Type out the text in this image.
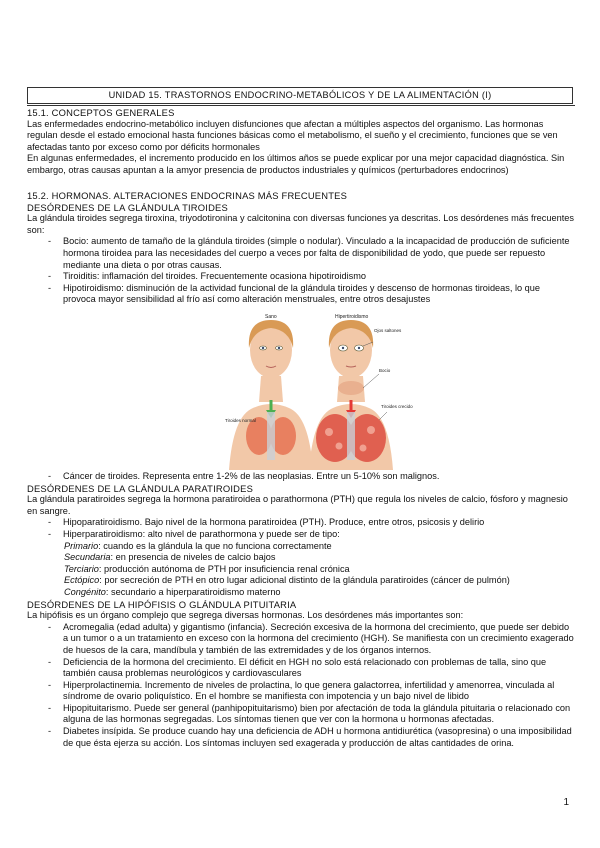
UNIDAD 15. TRASTORNOS ENDOCRINO-METABÓLICOS Y DE LA ALIMENTACIÓN (I)
15.1. CONCEPTOS GENERALES

Las enfermedades endocrino-metabólico incluyen disfunciones que afectan a múltiples aspectos del organismo. Las hormonas regulan desde el estado emocional hasta funciones básicas como el metabolismo, el sueño y el crecimiento, funciones que se ven afectadas tanto por exceso como por déficits hormonales

En algunas enfermedades, el incremento producido en los últimos años se puede explicar por una mejor capacidad diagnóstica. Sin embargo, otras causas apuntan a la amyor presencia de productos industriales y químicos (perturbadores endocrinos)

15.2. HORMONAS. ALTERACIONES ENDOCRINAS MÁS FRECUENTES
DESÓRDENES DE LA GLÁNDULA TIROIDES

La glándula tiroides segrega tiroxina, triyodotironina y calcitonina con diversas funciones ya descritas. Los desórdenes más frecuentes son:

- Bocio: aumento de tamaño de la glándula tiroides (simple o nodular). Vinculado a la incapacidad de producción de suficiente hormona tiroidea para las necesidades del cuerpo a veces por falta de disponibilidad de yodo, que puede ser repuesto mediante una dieta o por otras causas.
- Tiroiditis: inflamación del tiroides. Frecuentemente ocasiona hipotiroidismo
- Hipotiroidismo: disminución de la actividad funcional de la glándula tiroides y descenso de hormonas tiroideas, lo que provoca mayor sensibilidad al frío así como alteración menstruales, entre otros desajustes
Sano
Tiroides normal
Hipertiroidismo
Ojos saltones
Bocio
Tiroides crecido
- Cáncer de tiroides. Representa entre 1-2% de las neoplasias. Entre un 5-10% son malignos.
DESÓRDENES DE LA GLÁNDULA PARATIROIDES

La glándula paratiroides segrega la hormona paratiroidea o parathormona (PTH) que regula los niveles de calcio, fósforo y magnesio en sangre.

- Hipoparatiroidismo. Bajo nivel de la hormona paratiroidea (PTH). Produce, entre otros, psicosis y delirio
- Hiperparatiroidismo: alto nivel de parathormona y puede ser de tipo:
Primario: cuando es la glándula la que no funciona correctamente
Secundaria: en presencia de niveles de calcio bajos
Terciario: producción autónoma de PTH por insuficiencia renal crónica
Ectópico: por secreción de PTH en otro lugar adicional distinto de la glándula paratiroides (cáncer de pulmón)
Congénito: secundario a hiperparatiroidismo materno
DESÓRDENES DE LA HIPÓFISIS O GLÁNDULA PITUITARIA

La hipófisis es un órgano complejo que segrega diversas hormonas. Los desórdenes más importantes son:

- Acromegalia (edad adulta) y gigantismo (infancia). Secreción excesiva de la hormona del crecimiento, que puede ser debido a un tumor o a un tratamiento en exceso con la hormona del crecimiento (HGH). Se manifiesta con un crecimiento exagerado de huesos de la cara, mandíbula y también de las extremidades y de los órganos internos.
- Deficiencia de la hormona del crecimiento. El déficit en HGH no solo está relacionado con problemas de talla, sino que también causa problemas neurológicos y cardiovasculares
- Hiperprolactinemia. Incremento de niveles de prolactina, lo que genera galactorrea, infertilidad y amenorrea, vinculada al síndrome de ovario poliquístico. En el hombre se manifiesta con impotencia y un bajo nivel de libido
- Hipopituitarismo. Puede ser general (panhipopituitarismo) bien por afectación de toda la glándula pituitaria o relacionado con alguna de las hormonas segregadas. Los síntomas tienen que ver con la hormona u hormonas afectadas.
- Diabetes insípida. Se produce cuando hay una deficiencia de ADH u hormona antidiurética (vasopresina) o una imposibilidad de que ésta ejerza su acción. Los síntomas incluyen sed exagerada y producción de altas cantidades de orina.
1
